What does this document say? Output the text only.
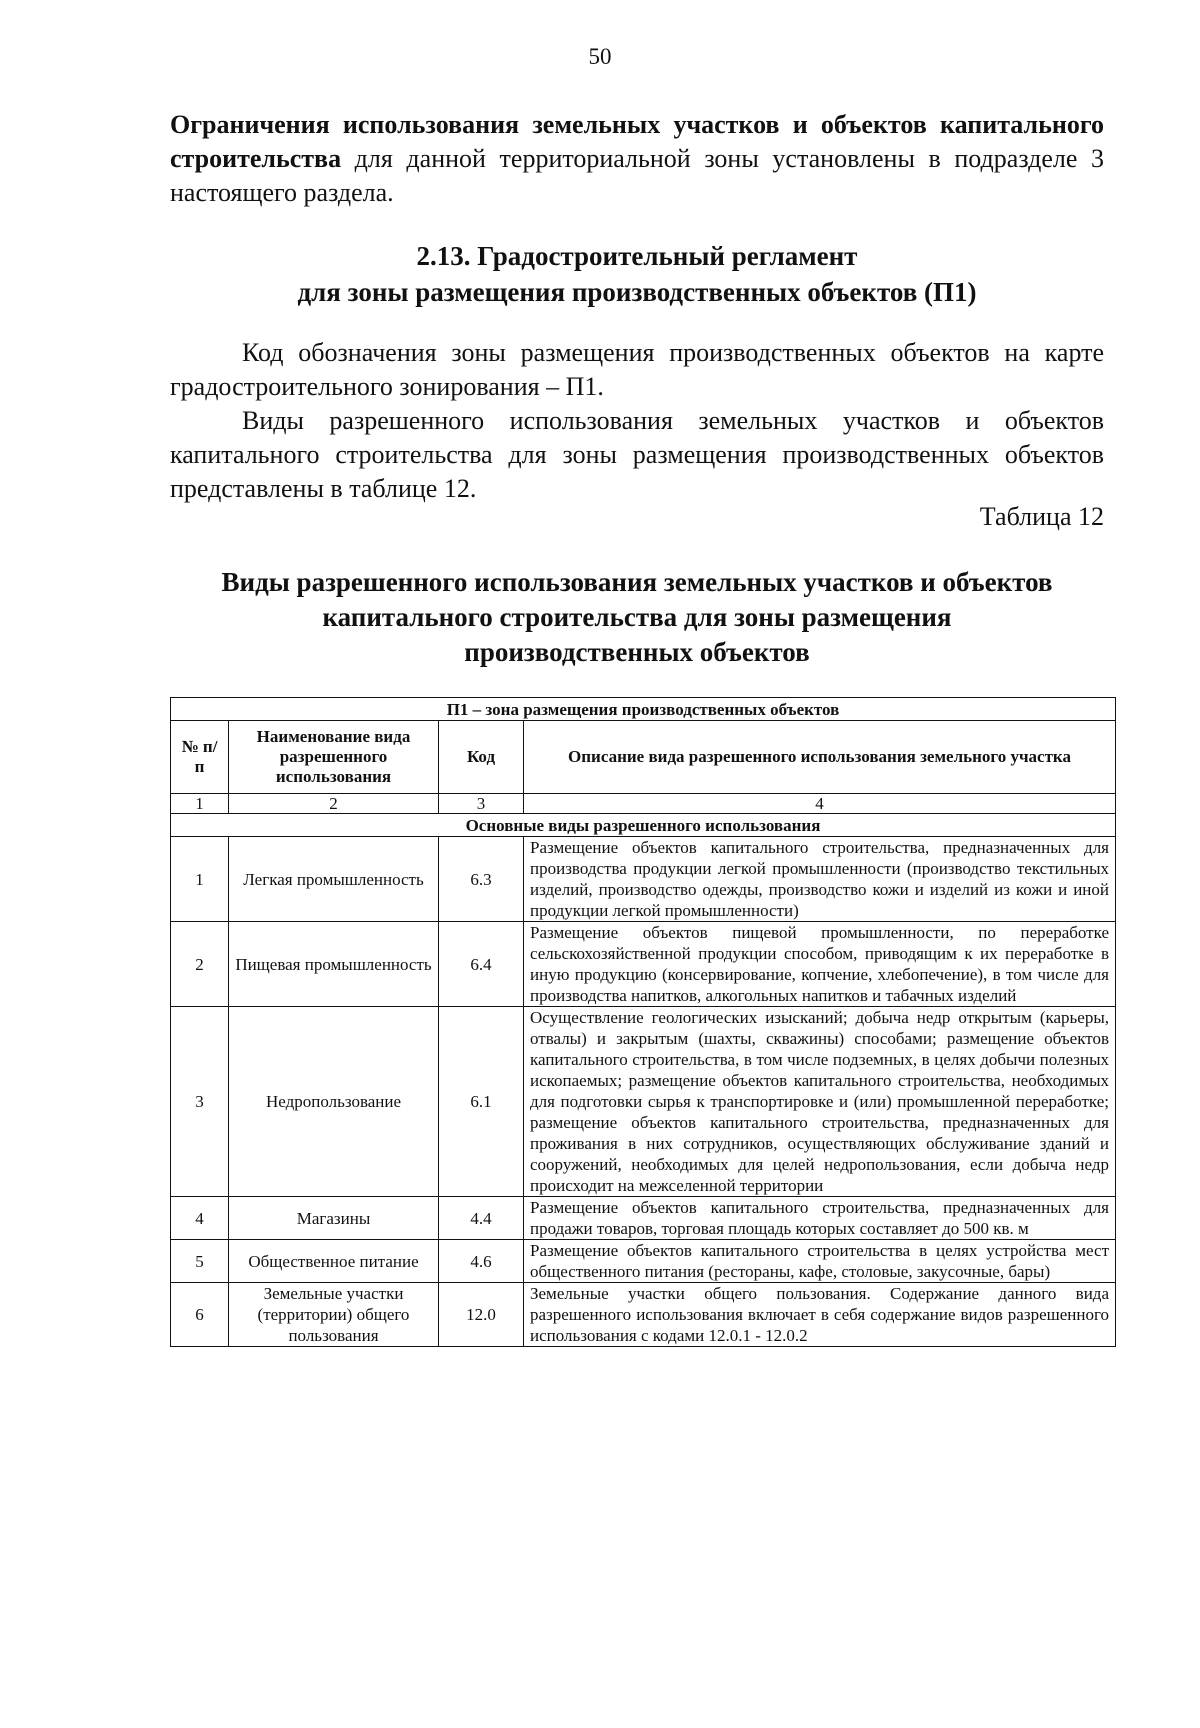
50

Ограничения использования земельных участков и объектов капитального строительства для данной территориальной зоны установлены в подразделе 3 настоящего раздела.

2.13. Градостроительный регламент
для зоны размещения производственных объектов (П1)

Код обозначения зоны размещения производственных объектов на карте градостроительного зонирования – П1.

Виды разрешенного использования земельных участков и объектов капитального строительства для зоны размещения производственных объектов представлены в таблице 12.

Таблица 12
Виды разрешенного использования земельных участков и объектов
капитального строительства для зоны размещения
производственных объектов
П1 – зона размещения производственных объектов			
№ п/п	Наименование вида разрешенного использования	Код	Описание вида разрешенного использования земельного участка
1	2	3	4
Основные виды разрешенного использования			
1	Легкая промышленность	6.3	Размещение объектов капитального строительства, предназначенных для производства продукции легкой промышленности (производство текстильных изделий, производство одежды, производство кожи и изделий из кожи и иной продукции легкой промышленности)
2	Пищевая промышленность	6.4	Размещение объектов пищевой промышленности, по переработке сельскохозяйственной продукции способом, приводящим к их переработке в иную продукцию (консервирование, копчение, хлебопечение), в том числе для производства напитков, алкогольных напитков и табачных изделий
3	Недропользование	6.1	Осуществление геологических изысканий; добыча недр открытым (карьеры, отвалы) и закрытым (шахты, скважины) способами; размещение объектов капитального строительства, в том числе подземных, в целях добычи полезных ископаемых; размещение объектов капитального строительства, необходимых для подготовки сырья к транспортировке и (или) промышленной переработке; размещение объектов капитального строительства, предназначенных для проживания в них сотрудников, осуществляющих обслуживание зданий и сооружений, необходимых для целей недропользования, если добыча недр происходит на межселенной территории
4	Магазины	4.4	Размещение объектов капитального строительства, предназначенных для продажи товаров, торговая площадь которых составляет до 500 кв. м
5	Общественное питание	4.6	Размещение объектов капитального строительства в целях устройства мест общественного питания (рестораны, кафе, столовые, закусочные, бары)
6	Земельные участки (территории) общего пользования	12.0	Земельные участки общего пользования. Содержание данного вида разрешенного использования включает в себя содержание видов разрешенного использования с кодами 12.0.1 - 12.0.2
